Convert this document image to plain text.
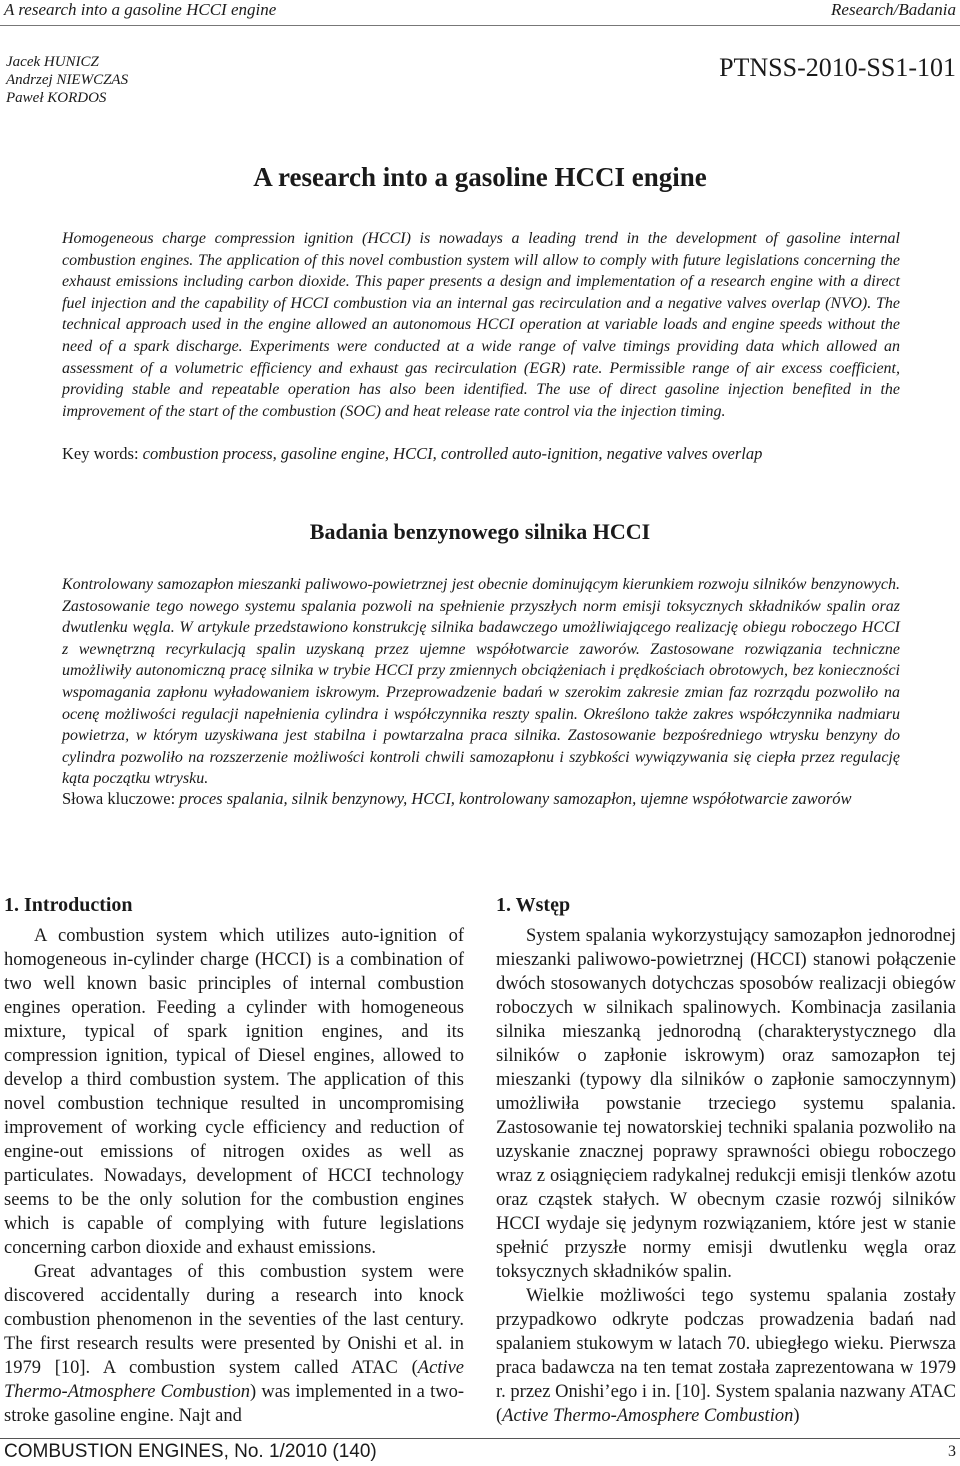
A research into a gasoline HCCI engine	Research/Badania
Jacek HUNICZ
Andrzej NIEWCZAS
Paweł KORDOS
PTNSS-2010-SS1-101
A research into a gasoline HCCI engine
Homogeneous charge compression ignition (HCCI) is nowadays a leading trend in the development of gasoline internal combustion engines. The application of this novel combustion system will allow to comply with future legislations concerning the exhaust emissions including carbon dioxide. This paper presents a design and implementation of a research engine with a direct fuel injection and the capability of HCCI combustion via an internal gas recirculation and a negative valves overlap (NVO). The technical approach used in the engine allowed an autonomous HCCI operation at variable loads and engine speeds without the need of a spark discharge. Experiments were conducted at a wide range of valve timings providing data which allowed an assessment of a volumetric efficiency and exhaust gas recirculation (EGR) rate. Permissible range of air excess coefficient, providing stable and repeatable operation has also been identified. The use of direct gasoline injection benefited in the improvement of the start of the combustion (SOC) and heat release rate control via the injection timing.
Key words: combustion process, gasoline engine, HCCI, controlled auto-ignition, negative valves overlap
Badania benzynowego silnika HCCI
Kontrolowany samozapłon mieszanki paliwowo-powietrznej jest obecnie dominującym kierunkiem rozwoju silników benzynowych. Zastosowanie tego nowego systemu spalania pozwoli na spełnienie przyszłych norm emisji toksycznych składników spalin oraz dwutlenku węgla. W artykule przedstawiono konstrukcję silnika badawczego umożliwiającego realizację obiegu roboczego HCCI z wewnętrzną recyrkulacją spalin uzyskaną przez ujemne współotwarcie zaworów. Zastosowane rozwiązania techniczne umożliwiły autonomiczną pracę silnika w trybie HCCI przy zmiennych obciążeniach i prędkościach obrotowych, bez konieczności wspomagania zapłonu wyładowaniem iskrowym. Przeprowadzenie badań w szerokim zakresie zmian faz rozrządu pozwoliło na ocenę możliwości regulacji napełnienia cylindra i współczynnika reszty spalin. Określono także zakres współczynnika nadmiaru powietrza, w którym uzyskiwana jest stabilna i powtarzalna praca silnika. Zastosowanie bezpośredniego wtrysku benzyny do cylindra pozwoliło na rozszerzenie możliwości kontroli chwili samozapłonu i szybkości wywiązywania się ciepła przez regulację kąta początku wtrysku.
Słowa kluczowe: proces spalania, silnik benzynowy, HCCI, kontrolowany samozapłon, ujemne współotwarcie zaworów
1. Introduction

A combustion system which utilizes auto-ignition of homogeneous in-cylinder charge (HCCI) is a combination of two well known basic principles of internal combustion engines operation. Feeding a cylinder with homogeneous mixture, typical of spark ignition engines, and its compression ignition, typical of Diesel engines, allowed to develop a third combustion system. The application of this novel combustion technique resulted in uncompromising improvement of working cycle efficiency and reduction of engine-out emissions of nitrogen oxides as well as particulates. Nowadays, development of HCCI technology seems to be the only solution for the combustion engines which is capable of complying with future legislations concerning carbon dioxide and exhaust emissions.

Great advantages of this combustion system were discovered accidentally during a research into knock combustion phenomenon in the seventies of the last century. The first research results were presented by Onishi et al. in 1979 [10]. A combustion system called ATAC (Active Thermo-Atmosphere Combustion) was implemented in a two-stroke gasoline engine. Najt and

1. Wstęp

System spalania wykorzystujący samozapłon jednorodnej mieszanki paliwowo-powietrznej (HCCI) stanowi połączenie dwóch stosowanych dotychczas sposobów realizacji obiegów roboczych w silnikach spalinowych. Kombinacja zasilania silnika mieszanką jednorodną (charakterystycznego dla silników o zapłonie iskrowym) oraz samozapłon tej mieszanki (typowy dla silników o zapłonie samoczynnym) umożliwiła powstanie trzeciego systemu spalania. Zastosowanie tej nowatorskiej techniki spalania pozwoliło na uzyskanie znacznej poprawy sprawności obiegu roboczego wraz z osiągnięciem radykalnej redukcji emisji tlenków azotu oraz cząstek stałych. W obecnym czasie rozwój silników HCCI wydaje się jedynym rozwiązaniem, które jest w stanie spełnić przyszłe normy emisji dwutlenku węgla oraz toksycznych składników spalin.

Wielkie możliwości tego systemu spalania zostały przypadkowo odkryte podczas prowadzenia badań nad spalaniem stukowym w latach 70. ubiegłego wieku. Pierwsza praca badawcza na ten temat została zaprezentowana w 1979 r. przez Onishi’ego i in. [10]. System spalania nazwany ATAC (Active Thermo-Amosphere Combustion)

COMBUSTION ENGINES, No. 1/2010 (140)	3
